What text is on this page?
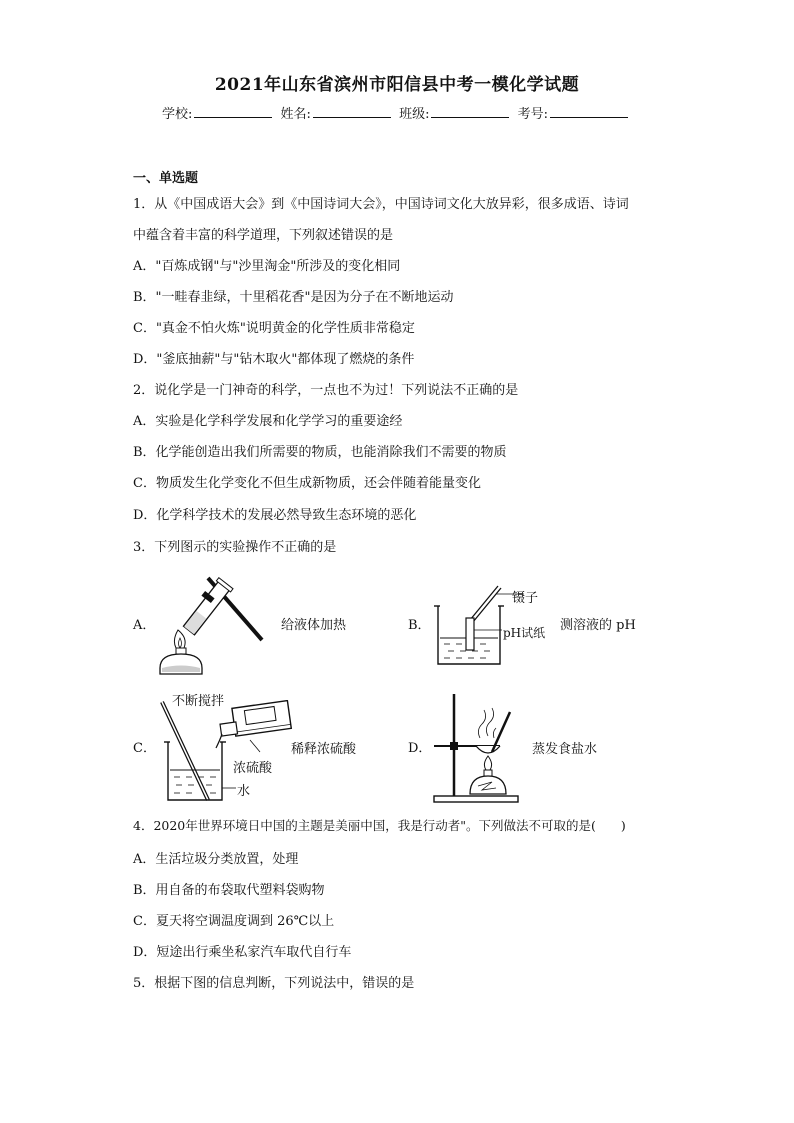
2021年山东省滨州市阳信县中考一模化学试题
学校:	姓名:	班级:	考号:
一、单选题
1．从《中国成语大会》到《中国诗词大会》，中国诗词文化大放异彩，很多成语、诗词
中蕴含着丰富的科学道理，下列叙述错误的是
A．"百炼成钢"与"沙里淘金"所涉及的变化相同
B．"一畦春韭绿，十里稻花香"是因为分子在不断地运动
C．"真金不怕火炼"说明黄金的化学性质非常稳定
D．"釜底抽薪"与"钻木取火"都体现了燃烧的条件
2．说化学是一门神奇的科学，一点也不为过！下列说法不正确的是
A．实验是化学科学发展和化学学习的重要途经
B．化学能创造出我们所需要的物质，也能消除我们不需要的物质
C．物质发生化学变化不但生成新物质，还会伴随着能量变化
D．化学科学技术的发展必然导致生态环境的恶化
3．下列图示的实验操作不正确的是
A．	给液体加热	B．
镊子
pH试纸 测溶液的 pH
C．
不断搅拌
浓硫酸
水
稀释浓硫酸	D．	蒸发食盐水
4．2020年世界环境日中国的主题是美丽中国，我是行动者"。下列做法不可取的是(　　)
A．生活垃圾分类放置，处理
B．用自备的布袋取代塑料袋购物
C．夏天将空调温度调到 26℃以上
D．短途出行乘坐私家汽车取代自行车
5．根据下图的信息判断，下列说法中，错误的是
